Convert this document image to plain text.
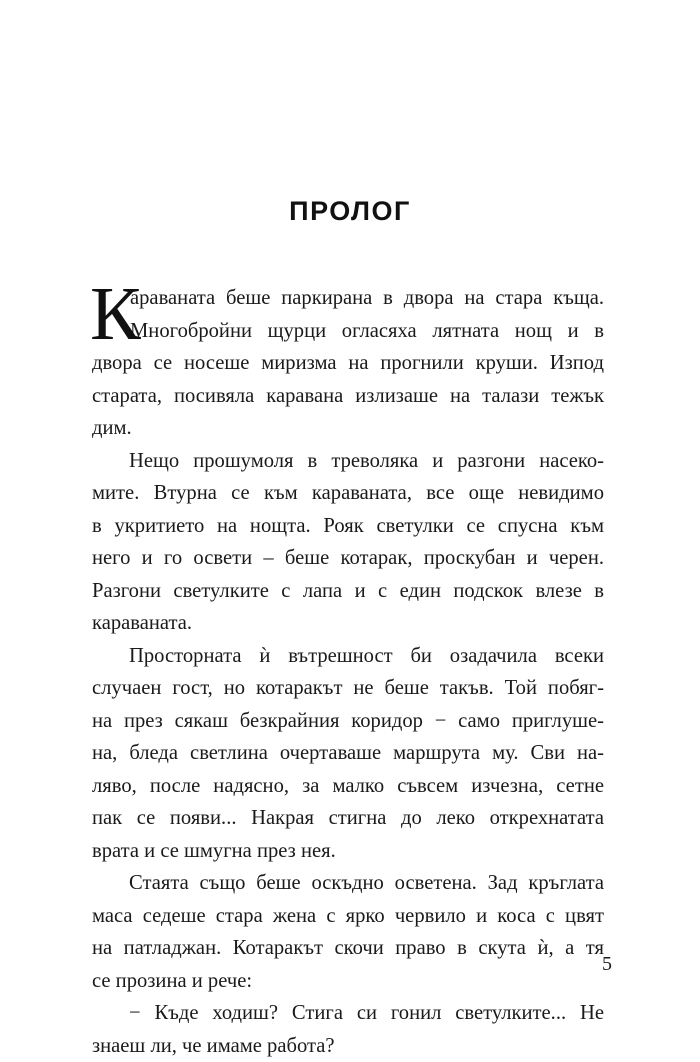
ПРОЛОГ
К
араваната беше паркирана в двора на стара къща.
Многобройни щурци огласяха лятната нощ и в
двора се носеше миризма на прогнили круши. Изпод
старата, посивяла каравана излизаше на талази тежък
дим.
Нещо прошумоля в треволяка и разгони насеко-
мите. Втурна се към караваната, все още невидимо
в укритието на нощта. Рояк светулки се спусна към
него и го освети – беше котарак, проскубан и черен.
Разгони светулките с лапа и с един подскок влезе в
караваната.
Просторната ѝ вътрешност би озадачила всеки
случаен гост, но котаракът не беше такъв. Той побяг-
на през сякаш безкрайния коридор − само приглуше-
на, бледа светлина очертаваше маршрута му. Сви на-
ляво, после надясно, за малко съвсем изчезна, сетне
пак се появи... Накрая стигна до леко открехнатата
врата и се шмугна през нея.
Стаята също беше оскъдно осветена. Зад кръглата
маса седеше стара жена с ярко червило и коса с цвят
на патладжан. Котаракът скочи право в скута ѝ, а тя
се прозина и рече:
− Къде ходиш? Стига си гонил светулките... Не
знаеш ли, че имаме работа?
5
